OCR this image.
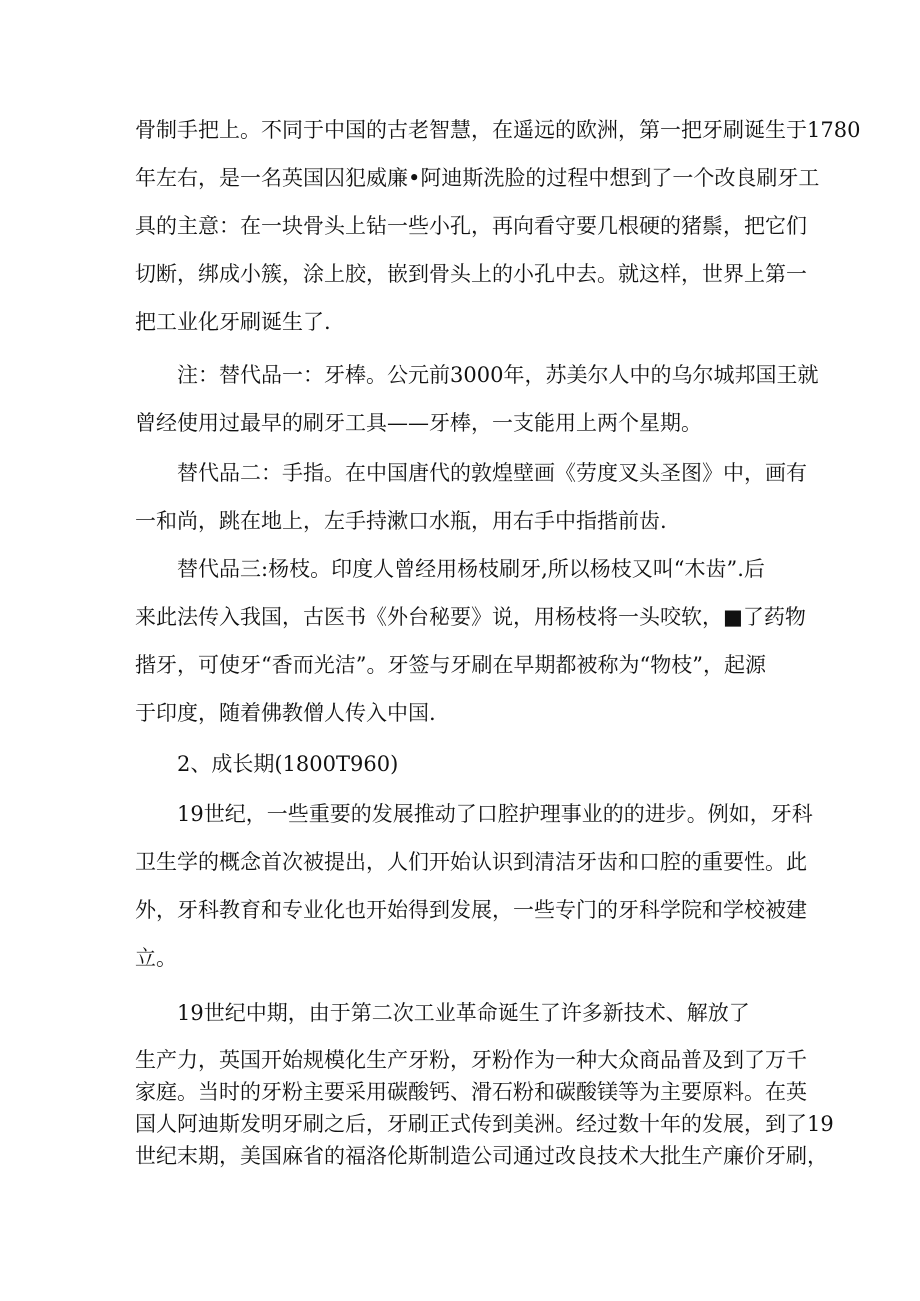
骨制手把上。不同于中国的古老智慧，在遥远的欧洲，第一把牙刷诞生于1780
年左右，是一名英国囚犯威廉•阿迪斯洗脸的过程中想到了一个改良刷牙工
具的主意：在一块骨头上钻一些小孔，再向看守要几根硬的猪鬃，把它们
切断，绑成小簇，涂上胶，嵌到骨头上的小孔中去。就这样，世界上第一
把工业化牙刷诞生了.
注：替代品一：牙棒。公元前3000年，苏美尔人中的乌尔城邦国王就
曾经使用过最早的刷牙工具——牙棒，一支能用上两个星期。
替代品二：手指。在中国唐代的敦煌壁画《劳度叉头圣图》中，画有
一和尚，跳在地上，左手持漱口水瓶，用右手中指揩前齿.
替代品三:杨枝。印度人曾经用杨枝刷牙,所以杨枝又叫“木齿”.后
来此法传入我国，古医书《外台秘要》说，用杨枝将一头咬软，■了药物
揩牙，可使牙“香而光洁”。牙签与牙刷在早期都被称为“物枝”，起源
于印度，随着佛教僧人传入中国.
2、成长期(1800T960)
19世纪，一些重要的发展推动了口腔护理事业的的进步。例如，牙科
卫生学的概念首次被提出，人们开始认识到清洁牙齿和口腔的重要性。此
外，牙科教育和专业化也开始得到发展，一些专门的牙科学院和学校被建
立。
19世纪中期，由于第二次工业革命诞生了许多新技术、解放了
生产力，英国开始规模化生产牙粉，牙粉作为一种大众商品普及到了万千
家庭。当时的牙粉主要采用碳酸钙、滑石粉和碳酸镁等为主要原料。在英
国人阿迪斯发明牙刷之后，牙刷正式传到美洲。经过数十年的发展，到了19
世纪末期，美国麻省的福洛伦斯制造公司通过改良技术大批生产廉价牙刷，
